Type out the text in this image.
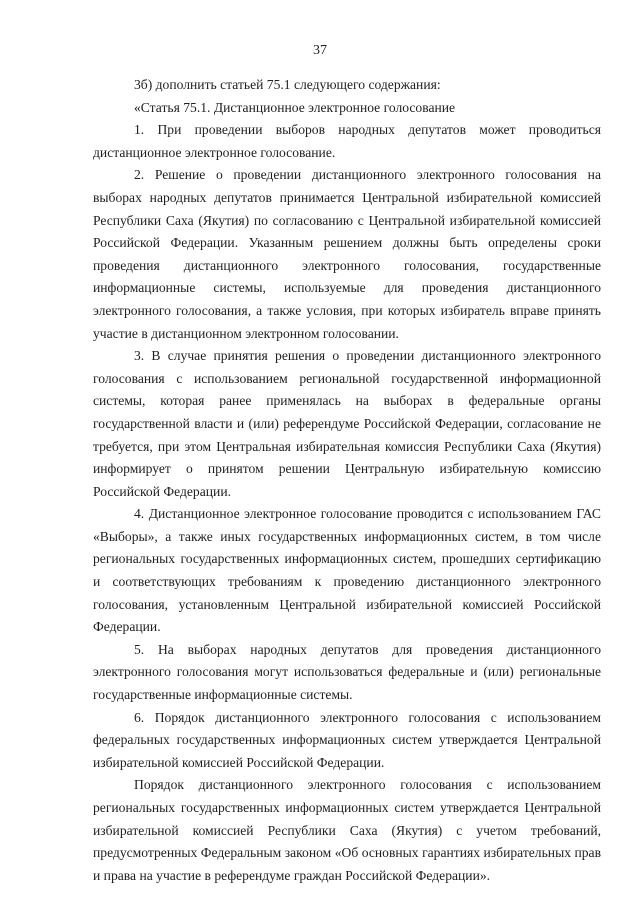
37

3б) дополнить статьей 75.1 следующего содержания:

«Статья 75.1. Дистанционное электронное голосование

1. При проведении выборов народных депутатов может проводиться дистанционное электронное голосование.

2. Решение о проведении дистанционного электронного голосования на выборах народных депутатов принимается Центральной избирательной комиссией Республики Саха (Якутия) по согласованию с Центральной избирательной комиссией Российской Федерации. Указанным решением должны быть определены сроки проведения дистанционного электронного голосования, государственные информационные системы, используемые для проведения дистанционного электронного голосования, а также условия, при которых избиратель вправе принять участие в дистанционном электронном голосовании.

3. В случае принятия решения о проведении дистанционного электронного голосования с использованием региональной государственной информационной системы, которая ранее применялась на выборах в федеральные органы государственной власти и (или) референдуме Российской Федерации, согласование не требуется, при этом Центральная избирательная комиссия Республики Саха (Якутия) информирует о принятом решении Центральную избирательную комиссию Российской Федерации.

4. Дистанционное электронное голосование проводится с использованием ГАС «Выборы», а также иных государственных информационных систем, в том числе региональных государственных информационных систем, прошедших сертификацию и соответствующих требованиям к проведению дистанционного электронного голосования, установленным Центральной избирательной комиссией Российской Федерации.

5. На выборах народных депутатов для проведения дистанционного электронного голосования могут использоваться федеральные и (или) региональные государственные информационные системы.

6. Порядок дистанционного электронного голосования с использованием федеральных государственных информационных систем утверждается Центральной избирательной комиссией Российской Федерации.

Порядок дистанционного электронного голосования с использованием региональных государственных информационных систем утверждается Центральной избирательной комиссией Республики Саха (Якутия) с учетом требований, предусмотренных Федеральным законом «Об основных гарантиях избирательных прав и права на участие в референдуме граждан Российской Федерации».
